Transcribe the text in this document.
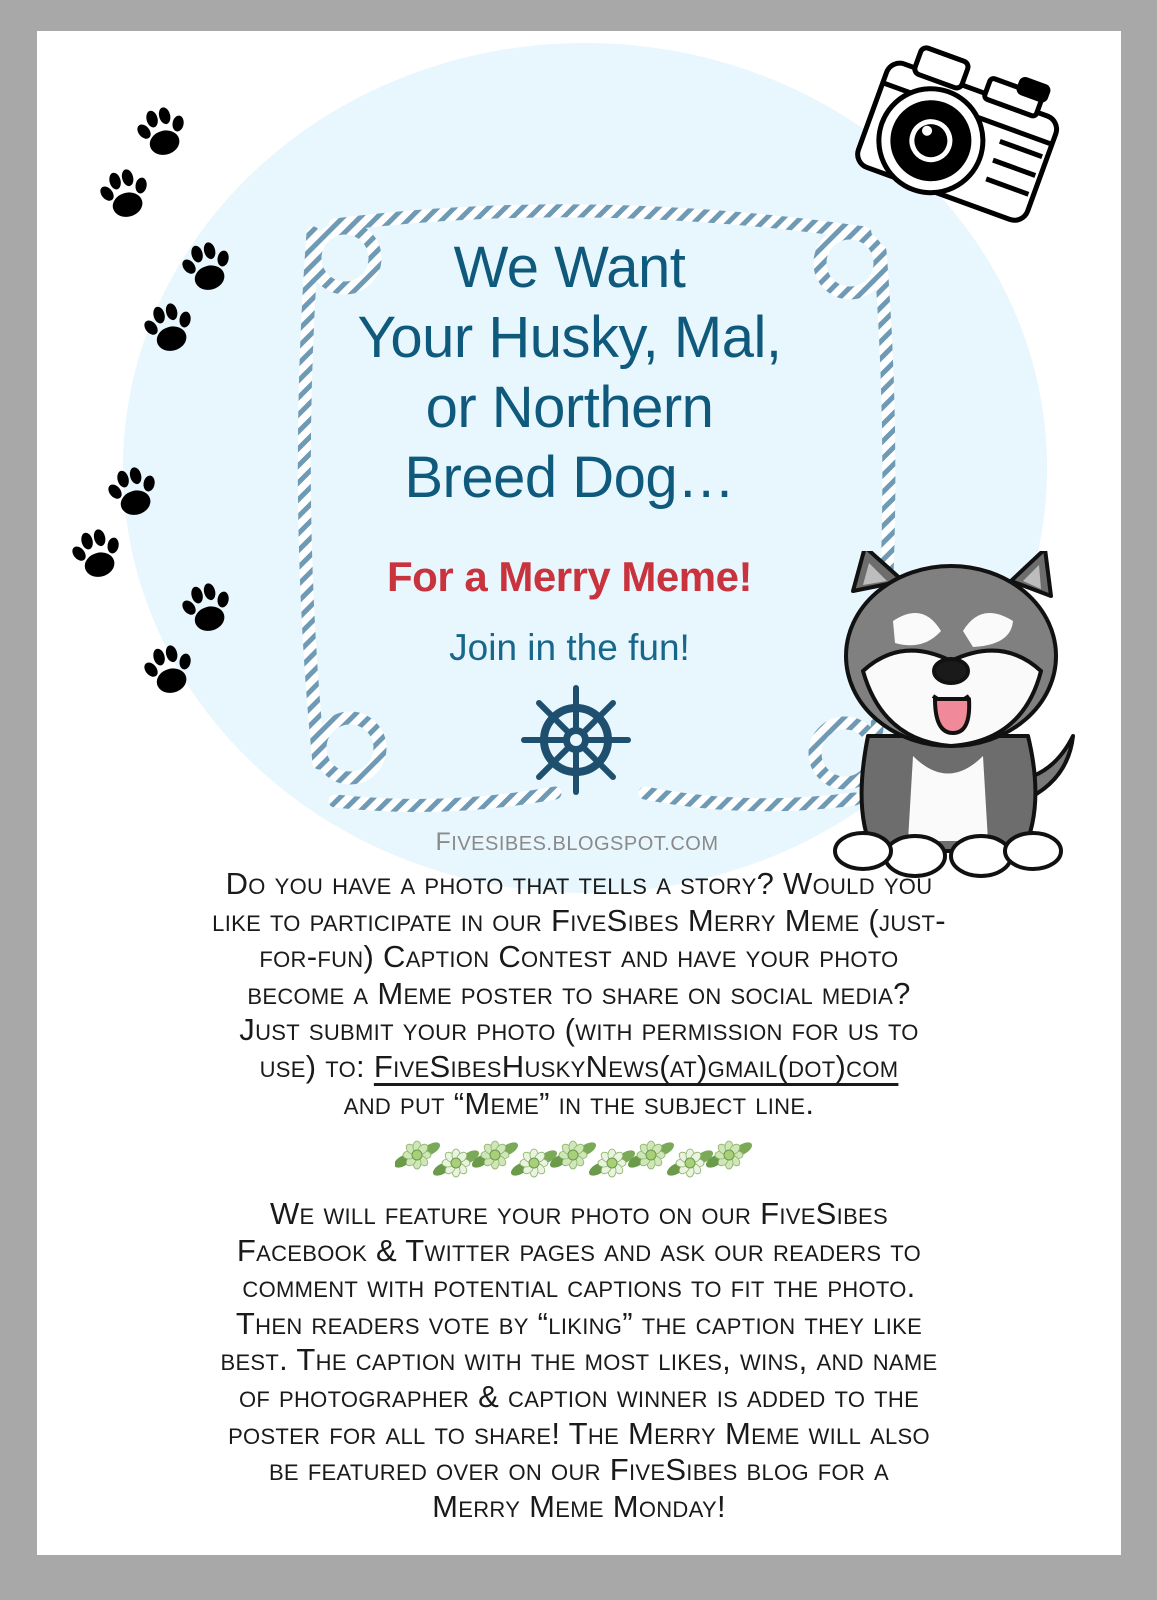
We Want
Your Husky, Mal,
or Northern
Breed Dog…
For a Merry Meme!
Join in the fun!
FIVESIBES.BLOGSPOT.COM
Do you have a photo that tells a story? Would you
like to participate in our FiveSibes Merry Meme (just-
for-fun) Caption Contest and have your photo
become a Meme poster to share on social media?
Just submit your photo (with permission for us to
use) to: FiveSibesHuskyNews(at)gmail(dot)com
and put “Meme” in the subject line.
We will feature your photo on our FiveSibes
Facebook & Twitter pages and ask our readers to
comment with potential captions to fit the photo.
Then readers vote by “liking” the caption they like
best. The caption with the most likes, wins, and name
of photographer & caption winner is added to the
poster for all to share! The Merry Meme will also
be featured over on our FiveSibes blog for a
Merry Meme Monday!
